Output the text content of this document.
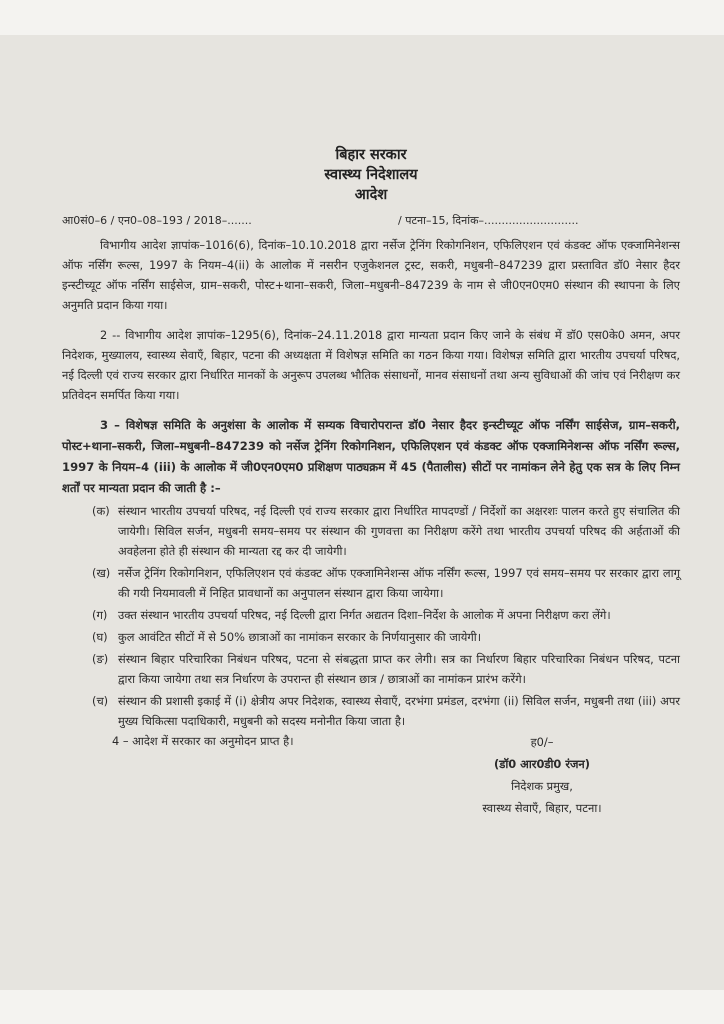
बिहार सरकार
स्वास्थ्य निदेशालय
आदेश
आ0सं0–6 / एन0–08–193 / 2018–.......	/ पटना–15, दिनांक–...........................

विभागीय आदेश ज्ञापांक–1016(6), दिनांक–10.10.2018 द्वारा नर्सेज ट्रेनिंग रिकोगनिशन, एफिलिएशन एवं कंडक्ट ऑफ एक्जामिनेशन्स ऑफ नर्सिंग रूल्स, 1997 के नियम–4(ii) के आलोक में नसरीन एजुकेशनल ट्रस्ट, सकरी, मधुबनी–847239 द्वारा प्रस्तावित डॉ0 नेसार हैदर इन्स्टीच्यूट ऑफ नर्सिंग साईसेज, ग्राम–सकरी, पोस्ट+थाना–सकरी, जिला–मधुबनी–847239 के नाम से जी0एन0एम0 संस्थान की स्थापना के लिए अनुमति प्रदान किया गया।

2 -- विभागीय आदेश ज्ञापांक–1295(6), दिनांक–24.11.2018 द्वारा मान्यता प्रदान किए जाने के संबंध में डॉ0 एस0के0 अमन, अपर निदेशक, मुख्यालय, स्वास्थ्य सेवाएँ, बिहार, पटना की अध्यक्षता में विशेषज्ञ समिति का गठन किया गया। विशेषज्ञ समिति द्वारा भारतीय उपचर्या परिषद, नई दिल्ली एवं राज्य सरकार द्वारा निर्धारित मानकों के अनुरूप उपलब्ध भौतिक संसाधनों, मानव संसाधनों तथा अन्य सुविधाओं की जांच एवं निरीक्षण कर प्रतिवेदन समर्पित किया गया।

3 – विशेषज्ञ समिति के अनुशंसा के आलोक में सम्यक विचारोपरान्त डॉ0 नेसार हैदर इन्स्टीच्यूट ऑफ नर्सिंग साईसेज, ग्राम–सकरी, पोस्ट+थाना–सकरी, जिला–मधुबनी–847239 को नर्सेज ट्रेनिंग रिकोगनिशन, एफिलिएशन एवं कंडक्ट ऑफ एक्जामिनेशन्स ऑफ नर्सिंग रूल्स, 1997 के नियम–4 (iii) के आलोक में जी0एन0एम0 प्रशिक्षण पाठ्यक्रम में 45 (पैतालीस) सीटों पर नामांकन लेने हेतु एक सत्र के लिए निम्न शर्तों पर मान्यता प्रदान की जाती है :–

(क) संस्थान भारतीय उपचर्या परिषद, नई दिल्ली एवं राज्य सरकार द्वारा निर्धारित मापदण्डों / निर्देशों का अक्षरशः पालन करते हुए संचालित की जायेगी। सिविल सर्जन, मधुबनी समय–समय पर संस्थान की गुणवत्ता का निरीक्षण करेंगे तथा भारतीय उपचर्या परिषद की अर्हताओं की अवहेलना होते ही संस्थान की मान्यता रद्द कर दी जायेगी।
(ख) नर्सेज ट्रेनिंग रिकोगनिशन, एफिलिएशन एवं कंडक्ट ऑफ एक्जामिनेशन्स ऑफ नर्सिंग रूल्स, 1997 एवं समय–समय पर सरकार द्वारा लागू की गयी नियमावली में निहित प्रावधानों का अनुपालन संस्थान द्वारा किया जायेगा।
(ग) उक्त संस्थान भारतीय उपचर्या परिषद, नई दिल्ली द्वारा निर्गत अद्यतन दिशा–निर्देश के आलोक में अपना निरीक्षण करा लेंगे।
(घ) कुल आवंटित सीटों में से 50% छात्राओं का नामांकन सरकार के निर्णयानुसार की जायेगी।
(ङ) संस्थान बिहार परिचारिका निबंधन परिषद, पटना से संबद्धता प्राप्त कर लेगी। सत्र का निर्धारण बिहार परिचारिका निबंधन परिषद, पटना द्वारा किया जायेगा तथा सत्र निर्धारण के उपरान्त ही संस्थान छात्र / छात्राओं का नामांकन प्रारंभ करेंगे।
(च) संस्थान की प्रशासी इकाई में (i) क्षेत्रीय अपर निदेशक, स्वास्थ्य सेवाएँ, दरभंगा प्रमंडल, दरभंगा (ii) सिविल सर्जन, मधुबनी तथा (iii) अपर मुख्य चिकित्सा पदाधिकारी, मधुबनी को सदस्य मनोनीत किया जाता है।
4 – आदेश में सरकार का अनुमोदन प्राप्त है।	ह0/–
(डॉ0 आर0डी0 रंजन)
निदेशक प्रमुख,
स्वास्थ्य सेवाएँ, बिहार, पटना।
